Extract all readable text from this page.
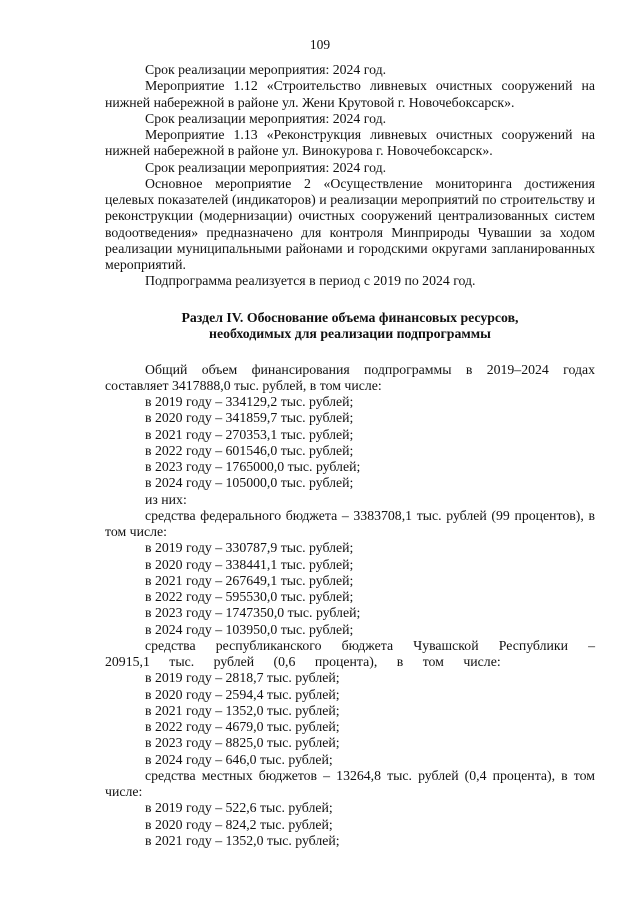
109

Срок реализации мероприятия: 2024 год.

Мероприятие 1.12 «Строительство ливневых очистных сооружений на нижней набережной в районе ул. Жени Крутовой г. Новочебоксарск».

Срок реализации мероприятия: 2024 год.

Мероприятие 1.13 «Реконструкция ливневых очистных сооружений на нижней набережной в районе ул. Винокурова г. Новочебоксарск».

Срок реализации мероприятия: 2024 год.

Основное мероприятие 2 «Осуществление мониторинга достижения целевых показателей (индикаторов) и реализации мероприятий по строительству и реконструкции (модернизации) очистных сооружений централизованных систем водоотведения» предназначено для контроля Минприроды Чувашии за ходом реализации муниципальными районами и городскими округами запланированных мероприятий.

Подпрограмма реализуется в период с 2019 по 2024 год.

Раздел IV. Обоснование объема финансовых ресурсов,
необходимых для реализации подпрограммы

Общий объем финансирования подпрограммы в 2019–2024 годах составляет 3417888,0 тыс. рублей, в том числе:

в 2019 году – 334129,2 тыс. рублей;

в 2020 году – 341859,7 тыс. рублей;

в 2021 году – 270353,1 тыс. рублей;

в 2022 году – 601546,0 тыс. рублей;

в 2023 году – 1765000,0 тыс. рублей;

в 2024 году – 105000,0 тыс. рублей;

из них:

средства федерального бюджета – 3383708,1 тыс. рублей (99 процентов), в том числе:

в 2019 году – 330787,9 тыс. рублей;

в 2020 году – 338441,1 тыс. рублей;

в 2021 году – 267649,1 тыс. рублей;

в 2022 году – 595530,0 тыс. рублей;

в 2023 году – 1747350,0 тыс. рублей;

в 2024 году – 103950,0 тыс. рублей;

средства республиканского бюджета Чувашской Республики – 20915,1 тыс. рублей (0,6 процента), в том числе:

в 2019 году – 2818,7 тыс. рублей;

в 2020 году – 2594,4 тыс. рублей;

в 2021 году – 1352,0 тыс. рублей;

в 2022 году – 4679,0 тыс. рублей;

в 2023 году – 8825,0 тыс. рублей;

в 2024 году – 646,0 тыс. рублей;

средства местных бюджетов – 13264,8 тыс. рублей (0,4 процента), в том числе:

в 2019 году – 522,6 тыс. рублей;

в 2020 году – 824,2 тыс. рублей;

в 2021 году – 1352,0 тыс. рублей;
